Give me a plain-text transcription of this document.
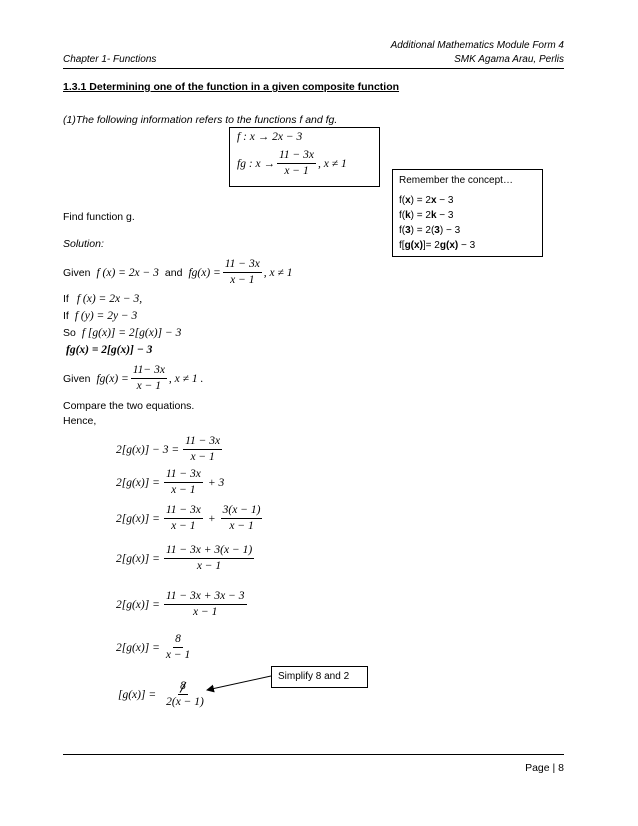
Additional Mathematics Module Form 4
Chapter 1- Functions	SMK Agama Arau, Perlis
1.3.1 Determining one of the function in a given composite function
(1)The following information refers to the functions f and fg.
f : x → 2x − 3
fg : $x \to \frac{11 - 3x}{x - 1}$ , x ≠ 1
Remember the concept…
f(x) = 2x − 3
f(k) = 2k − 3
f(3) = 2(3) − 3
f[g(x)]= 2g(x) − 3
Find function g.
Solution:
Given f (x) = 2x − 3 and $fg(x) = \frac{11 - 3x}{x - 1}$ , x ≠ 1
If f (x) = 2x − 3,
If f (y) = 2y − 3
So f [g(x)] = 2[g(x)] − 3
fg(x) = 2[g(x)] − 3
Given $fg(x) = \frac{11- 3x}{x - 1}$ , x ≠ 1 .
Compare the two equations.
Hence,
$2[g(x)] - 3 = \frac{11 - 3x}{x - 1}$
$2[g(x)] = \frac{11 - 3x}{x - 1} + 3$
$2[g(x)] = \frac{11 - 3x}{x - 1} + \frac{3(x - 1)}{x - 1}$
$2[g(x)] = \frac{11 - 3x + 3(x - 1)}{x - 1}$
$2[g(x)] = \frac{11 - 3x + 3x - 3}{x - 1}$
$2[g(x)] = \frac{8}{x - 1}$
$[g(x)] = \frac{8}{2(x - 1)}$
Simplify 8 and 2
Page | 8
